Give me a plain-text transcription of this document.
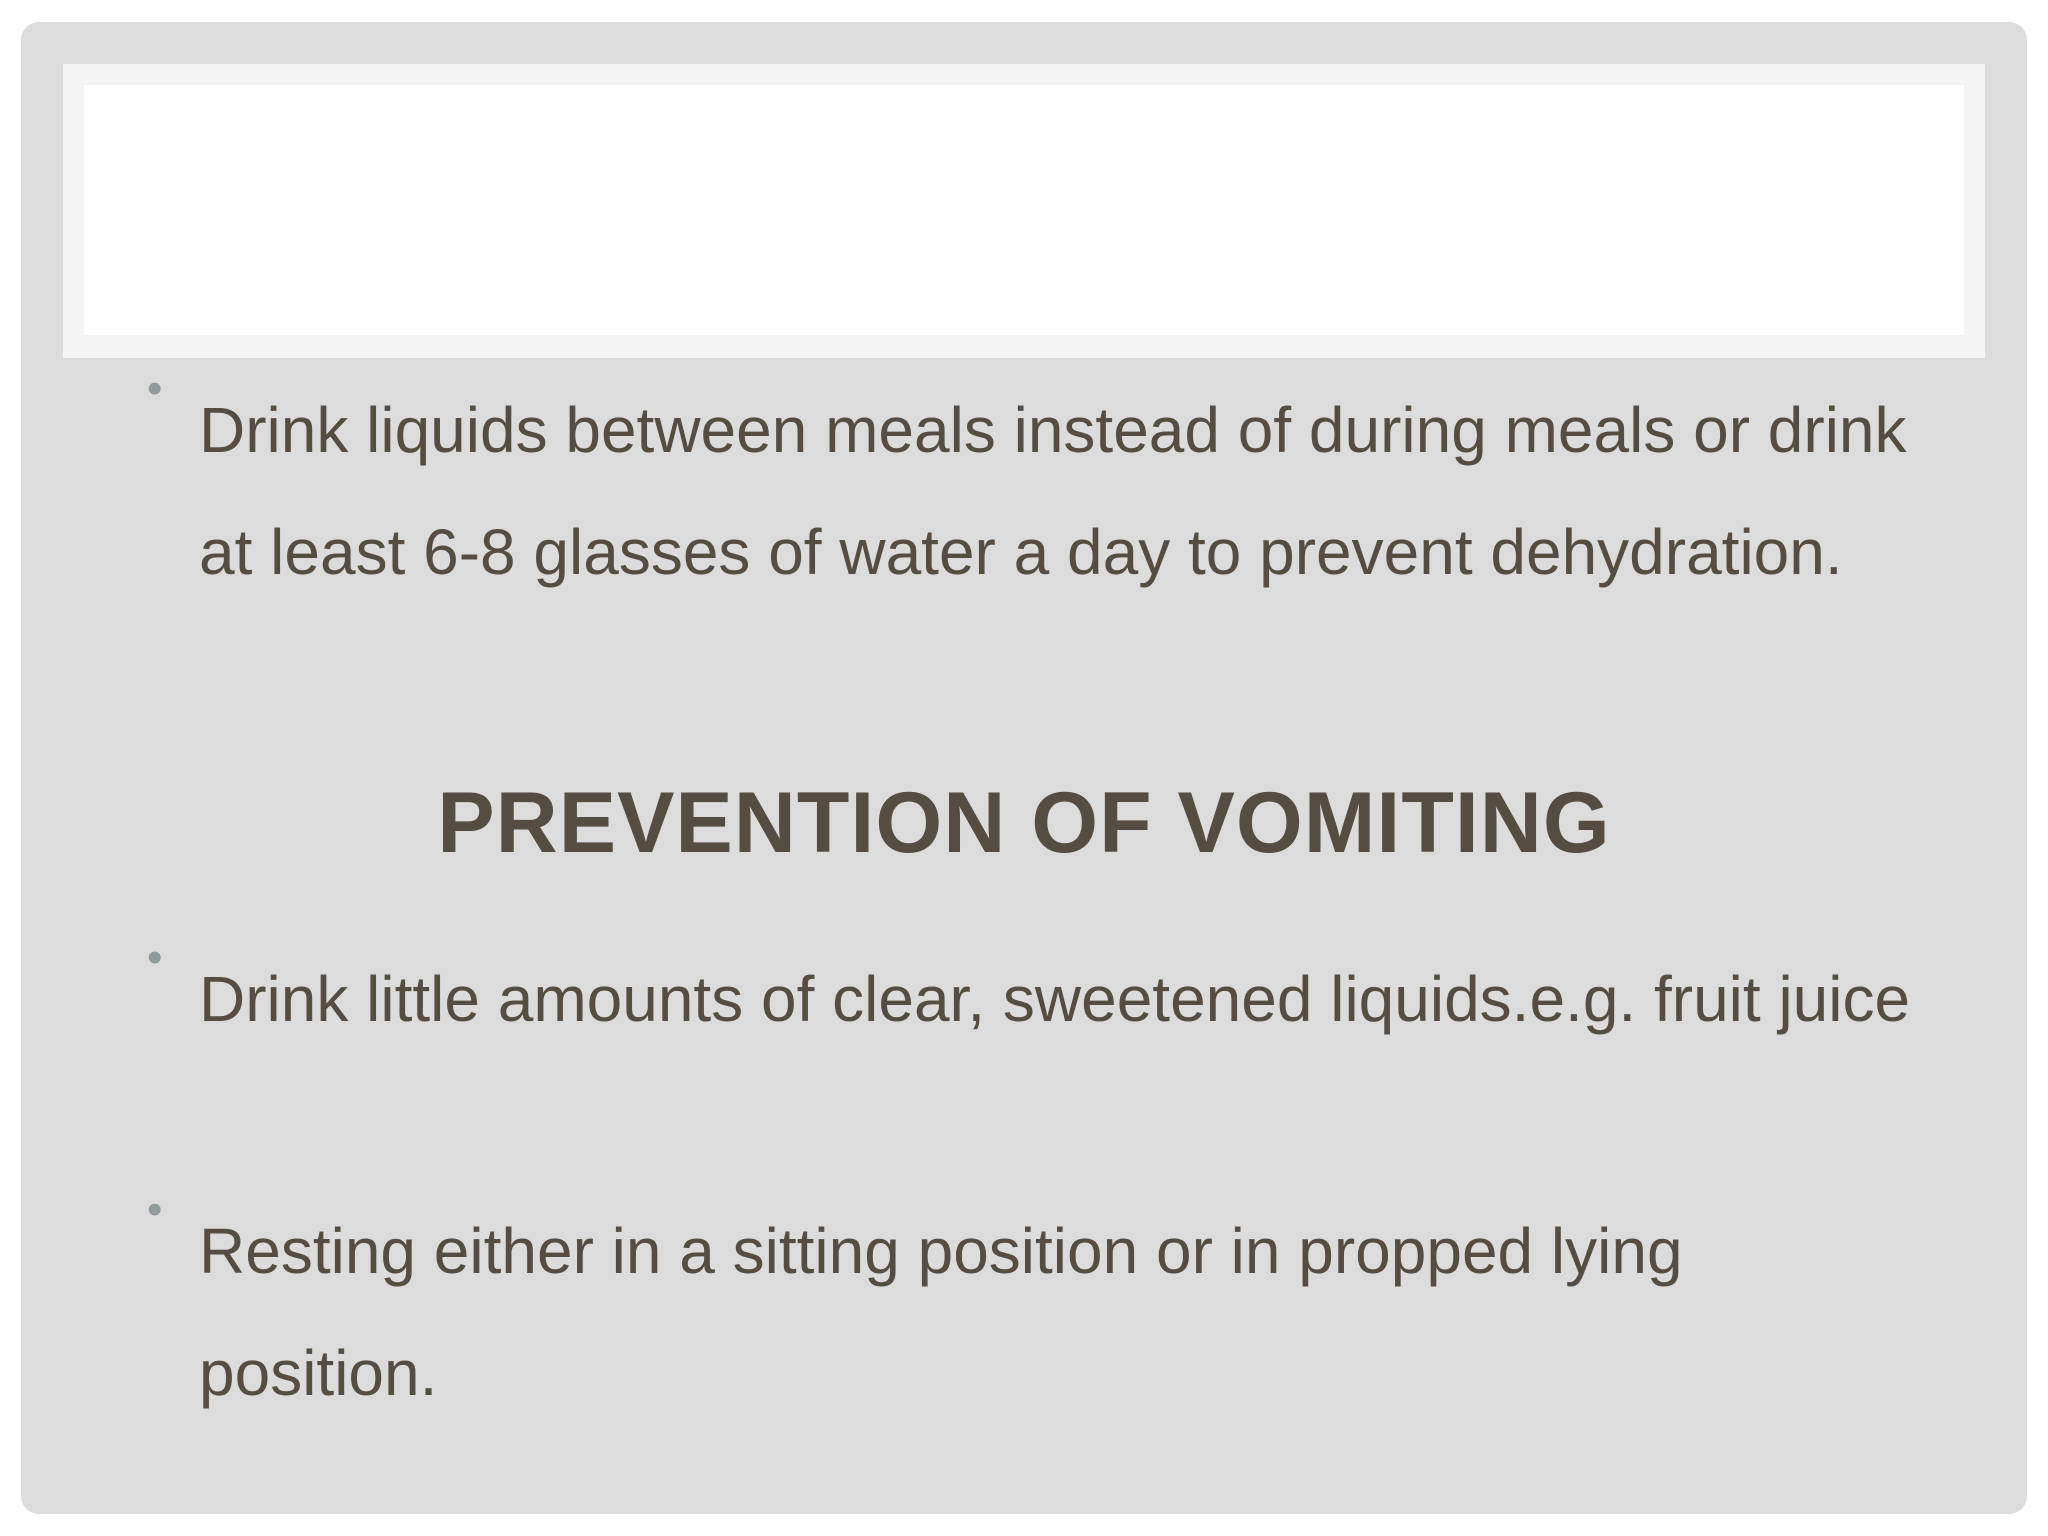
•

Drink liquids between meals instead of during meals or drink at least 6-8 glasses of water a day to prevent dehydration.

PREVENTION OF VOMITING
•

Drink little amounts of clear, sweetened liquids.e.g. fruit juice

•

Resting either in a sitting position or in propped lying position.
